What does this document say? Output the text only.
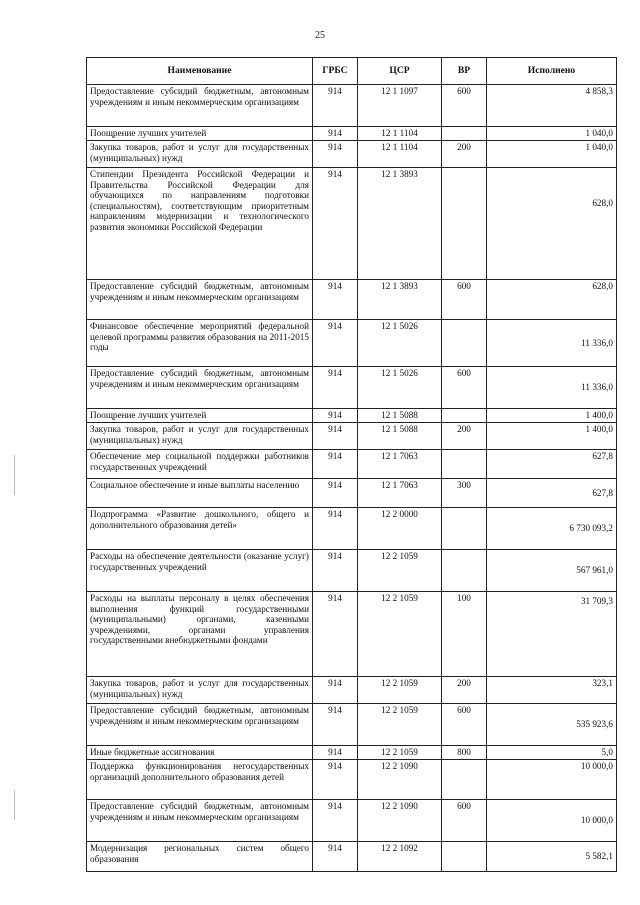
25
Наименование	ГРБС	ЦСР	ВР	Исполнено
Предоставление субсидий бюджетным, автономным учреждениям и иным некоммерческим организациям	914	12 1 1097	600	4 858,3
Поощрение лучших учителей	914	12 1 1104		1 040,0
Закупка товаров, работ и услуг для государственных (муниципальных) нужд	914	12 1 1104	200	1 040,0
Стипендии Президента Российской Федерации и Правительства Российской Федерации для обучающихся по направлениям подготовки (специальностям), соответствующим приоритетным направлениям модернизации и технологического развития экономики Российской Федерации	914	12 1 3893		628,0
Предоставление субсидий бюджетным, автономным учреждениям и иным некоммерческим организациям	914	12 1 3893	600	628,0
Финансовое обеспечение мероприятий федеральной целевой программы развития образования на 2011-2015 годы	914	12 1 5026		11 336,0
Предоставление субсидий бюджетным, автономным учреждениям и иным некоммерческим организациям	914	12 1 5026	600	11 336,0
Поощрение лучших учителей	914	12 1 5088		1 400,0
Закупка товаров, работ и услуг для государственных (муниципальных) нужд	914	12 1 5088	200	1 400,0
Обеспечение мер социальной поддержки работников государственных учреждений	914	12 1 7063		627,8
Социальное обеспечение и иные выплаты населению	914	12 1 7063	300	627,8
Подпрограмма «Развитие дошкольного, общего и дополнительного образования детей»	914	12 2 0000		6 730 093,2
Расходы на обеспечение деятельности (оказание услуг) государственных учреждений	914	12 2 1059		567 961,0
Расходы на выплаты персоналу в целях обеспечения выполнения функций государственными (муниципальными) органами, казенными учреждениями, органами управления государственными внебюджетными фондами	914	12 2 1059	100	31 709,3
Закупка товаров, работ и услуг для государственных (муниципальных) нужд	914	12 2 1059	200	323,1
Предоставление субсидий бюджетным, автономным учреждениям и иным некоммерческим организациям	914	12 2 1059	600	535 923,6
Иные бюджетные ассигнования	914	12 2 1059	800	5,0
Поддержка функционирования негосударственных организаций дополнительного образования детей	914	12 2 1090		10 000,0
Предоставление субсидий бюджетным, автономным учреждениям и иным некоммерческим организациям	914	12 2 1090	600	10 000,0
Модернизация региональных систем общего образования	914	12 2 1092		5 582,1
